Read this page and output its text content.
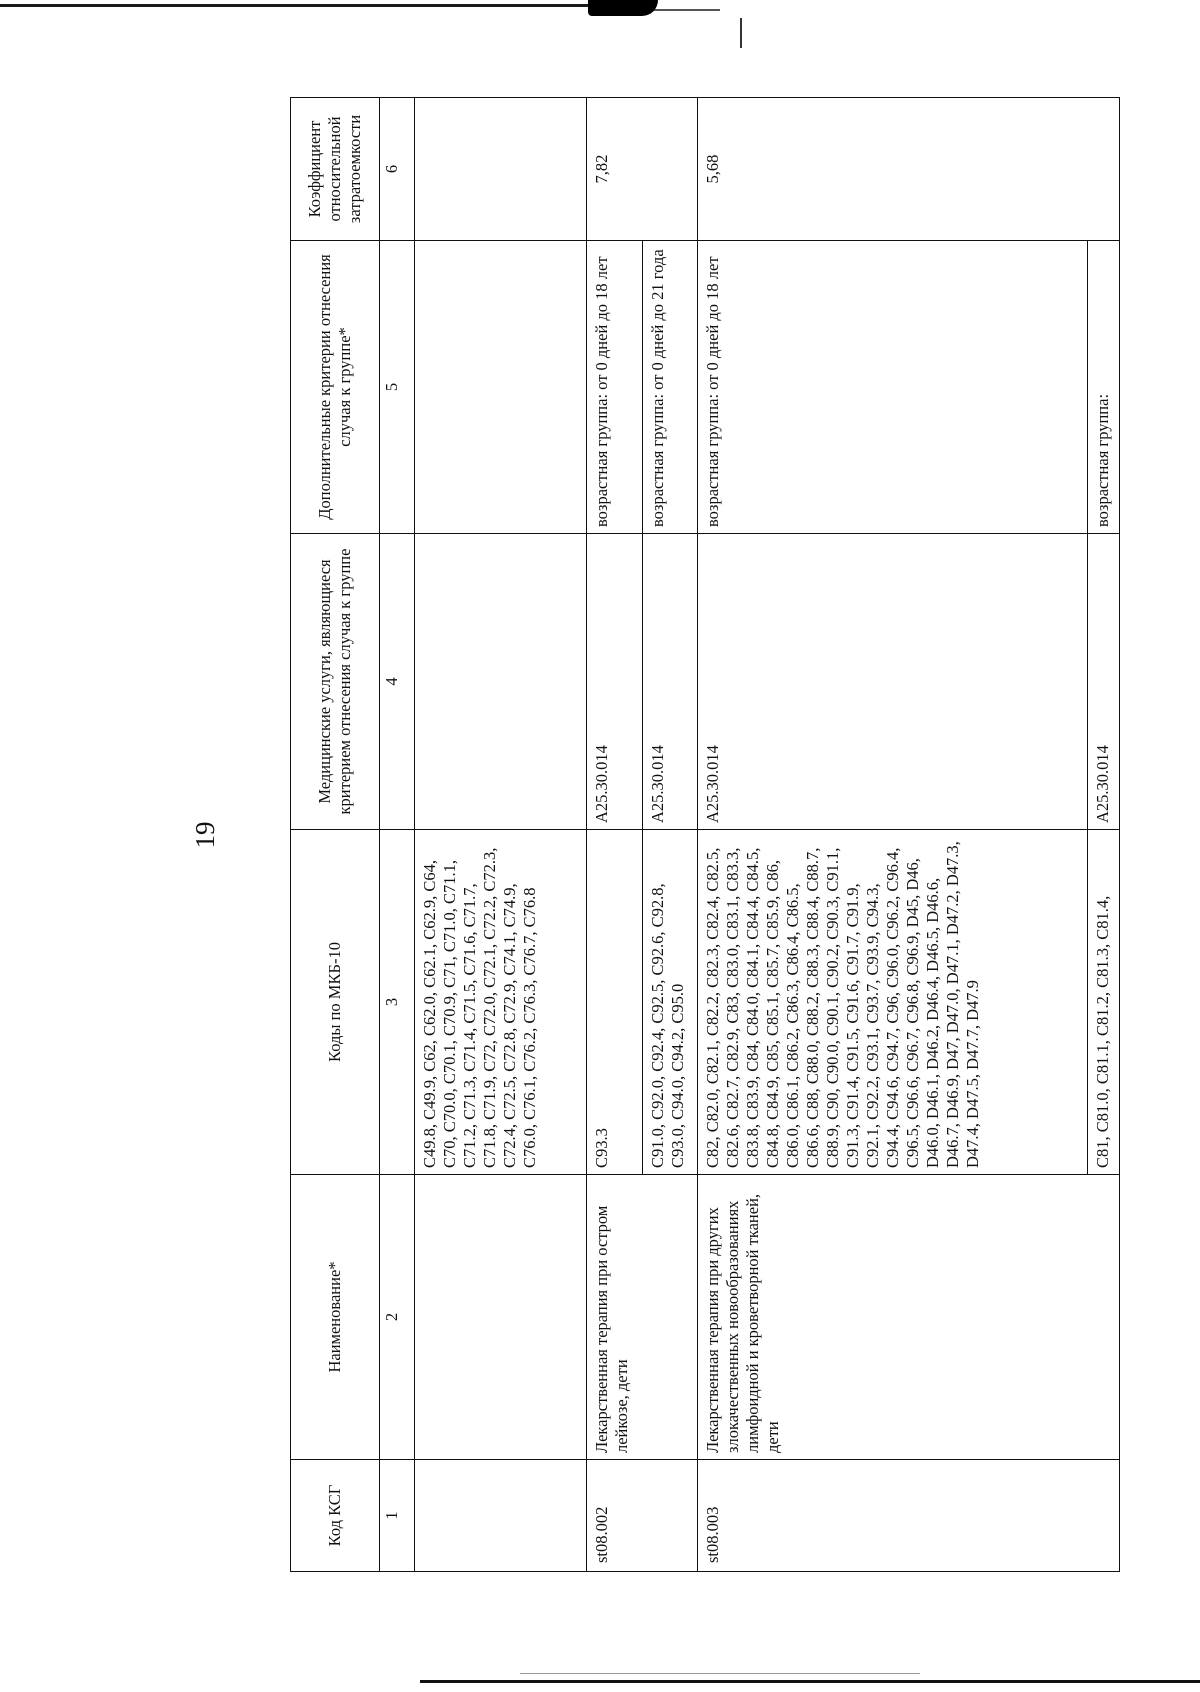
19
Код КСГ	Наименование*	Коды по МКБ-10	Медицинские услуги, являющиеся критерием отнесения случая к группе	Дополнительные критерии отнесения случая к группе*	Коэффициент относительной затратоемкости
1	2	3	4	5	6
		C49.8, C49.9, C62, C62.0, C62.1, C62.9, C64, C70, C70.0, C70.1, C70.9, C71, C71.0, C71.1, C71.2, C71.3, C71.4, C71.5, C71.6, C71.7, C71.8, C71.9, C72, C72.0, C72.1, C72.2, C72.3, C72.4, C72.5, C72.8, C72.9, C74.1, C74.9, C76.0, C76.1, C76.2, C76.3, C76.7, C76.8			
st08.002	Лекарственная терапия при остром лейкозе, дети	C93.3	A25.30.014	возрастная группа: от 0 дней до 18 лет	7,82
		C91.0, C92.0, C92.4, C92.5, C92.6, C92.8, C93.0, C94.0, C94.2, C95.0	A25.30.014	возрастная группа: от 0 дней до 21 года	
st08.003	Лекарственная терапия при других злокачественных новообразованиях лимфоидной и кроветворной тканей, дети	C82, C82.0, C82.1, C82.2, C82.3, C82.4, C82.5, C82.6, C82.7, C82.9, C83, C83.0, C83.1, C83.3, C83.8, C83.9, C84, C84.0, C84.1, C84.4, C84.5, C84.8, C84.9, C85, C85.1, C85.7, C85.9, C86, C86.0, C86.1, C86.2, C86.3, C86.4, C86.5, C86.6, C88, C88.0, C88.2, C88.3, C88.4, C88.7, C88.9, C90, C90.0, C90.1, C90.2, C90.3, C91.1, C91.3, C91.4, C91.5, C91.6, C91.7, C91.9, C92.1, C92.2, C93.1, C93.7, C93.9, C94.3, C94.4, C94.6, C94.7, C96, C96.0, C96.2, C96.4, C96.5, C96.6, C96.7, C96.8, C96.9, D45, D46, D46.0, D46.1, D46.2, D46.4, D46.5, D46.6, D46.7, D46.9, D47, D47.0, D47.1, D47.2, D47.3, D47.4, D47.5, D47.7, D47.9	A25.30.014	возрастная группа: от 0 дней до 18 лет	5,68
		C81, C81.0, C81.1, C81.2, C81.3, C81.4,	A25.30.014	возрастная группа:	
